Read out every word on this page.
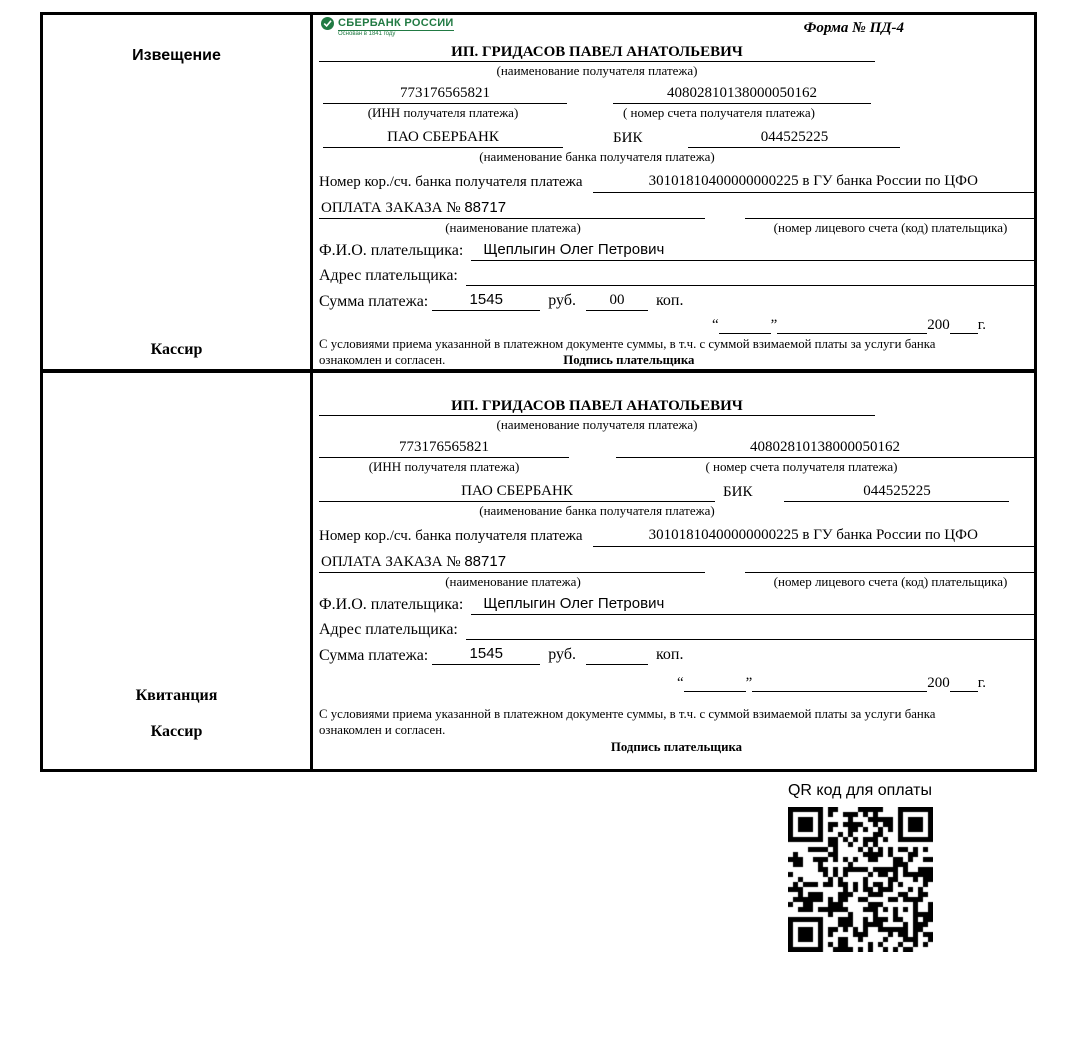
Извещение
Кассир
СБЕРБАНК РОССИИ
Основан в 1841 году	Форма № ПД-4
ИП. ГРИДАСОВ ПАВЕЛ АНАТОЛЬЕВИЧ
(наименование получателя платежа)
773176565821	40802810138000050162
(ИНН получателя платежа)	( номер счета получателя платежа)
ПАО СБЕРБАНК	БИК	044525225
(наименование банка получателя платежа)
Номер кор./сч. банка получателя платежа	30101810400000000225 в ГУ банка России по ЦФО
ОПЛАТА ЗАКАЗА № 88717
(наименование платежа)	(номер лицевого счета (код) плательщика)
Ф.И.О. плательщика:	Щеплыгин Олег Петрович
Адрес плательщика:
Сумма платежа:	1545	руб.	00	коп.
“	”	200 г.
С условиями приема указанной в платежном документе суммы, в т.ч. с суммой взимаемой платы за услуги банка
ознакомлен и согласен.	Подпись плательщика
Квитанция
Кассир
ИП. ГРИДАСОВ ПАВЕЛ АНАТОЛЬЕВИЧ
(наименование получателя платежа)
773176565821	40802810138000050162
(ИНН получателя платежа)	( номер счета получателя платежа)
ПАО СБЕРБАНК	БИК	044525225
(наименование банка получателя платежа)
Номер кор./сч. банка получателя платежа	30101810400000000225 в ГУ банка России по ЦФО
ОПЛАТА ЗАКАЗА № 88717
(наименование платежа)	(номер лицевого счета (код) плательщика)
Ф.И.О. плательщика:	Щеплыгин Олег Петрович
Адрес плательщика:
Сумма платежа:	1545	руб.	коп.
“	”	200 г.
С условиями приема указанной в платежном документе суммы, в т.ч. с суммой взимаемой платы за услуги банка
ознакомлен и согласен.
Подпись плательщика
QR код для оплаты
